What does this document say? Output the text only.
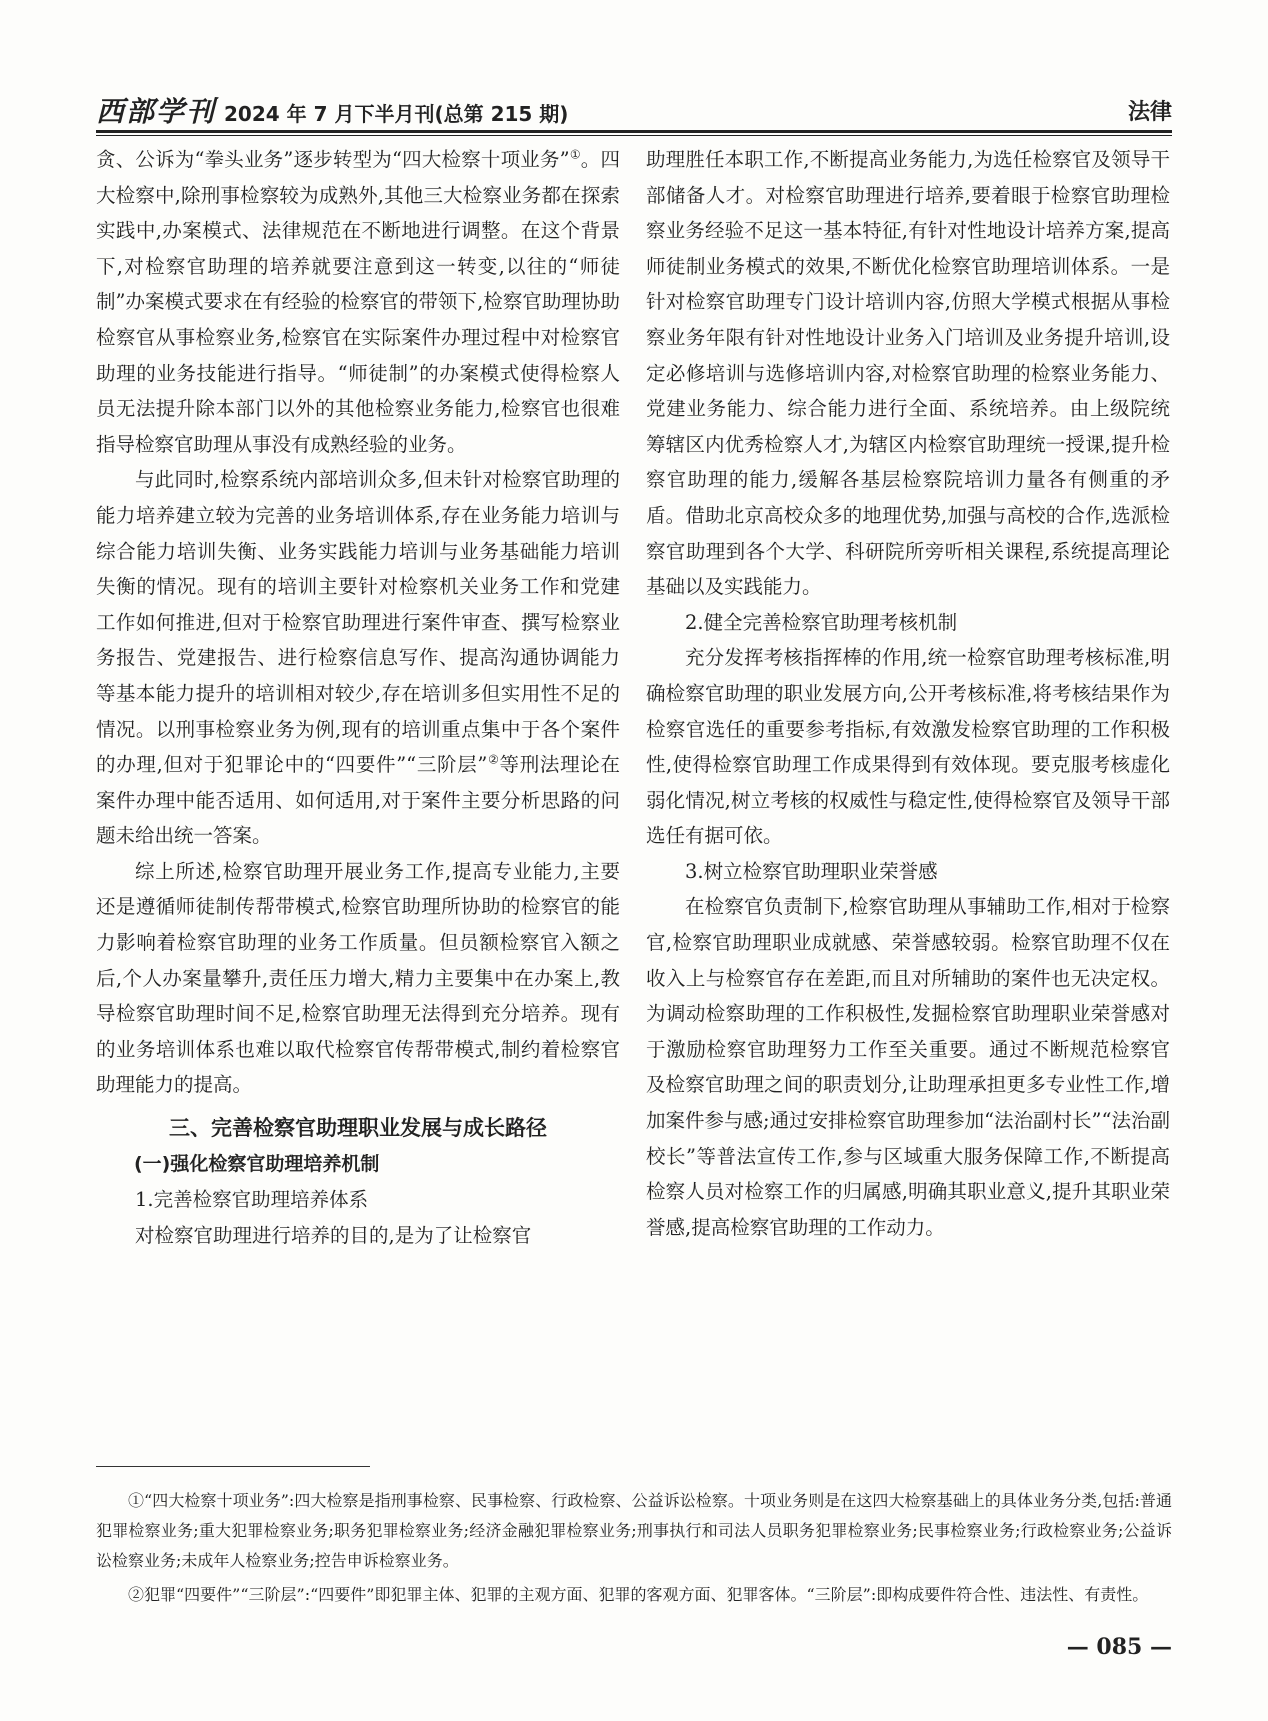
西部学刊 2024 年 7 月下半月刊(总第 215 期)	法律

贪、公诉为“拳头业务”逐步转型为“四大检察十项业务”①。四大检察中,除刑事检察较为成熟外,其他三大检察业务都在探索实践中,办案模式、法律规范在不断地进行调整。在这个背景下,对检察官助理的培养就要注意到这一转变,以往的“师徒制”办案模式要求在有经验的检察官的带领下,检察官助理协助检察官从事检察业务,检察官在实际案件办理过程中对检察官助理的业务技能进行指导。“师徒制”的办案模式使得检察人员无法提升除本部门以外的其他检察业务能力,检察官也很难指导检察官助理从事没有成熟经验的业务。

与此同时,检察系统内部培训众多,但未针对检察官助理的能力培养建立较为完善的业务培训体系,存在业务能力培训与综合能力培训失衡、业务实践能力培训与业务基础能力培训失衡的情况。现有的培训主要针对检察机关业务工作和党建工作如何推进,但对于检察官助理进行案件审查、撰写检察业务报告、党建报告、进行检察信息写作、提高沟通协调能力等基本能力提升的培训相对较少,存在培训多但实用性不足的情况。以刑事检察业务为例,现有的培训重点集中于各个案件的办理,但对于犯罪论中的“四要件”“三阶层”②等刑法理论在案件办理中能否适用、如何适用,对于案件主要分析思路的问题未给出统一答案。

综上所述,检察官助理开展业务工作,提高专业能力,主要还是遵循师徒制传帮带模式,检察官助理所协助的检察官的能力影响着检察官助理的业务工作质量。但员额检察官入额之后,个人办案量攀升,责任压力增大,精力主要集中在办案上,教导检察官助理时间不足,检察官助理无法得到充分培养。现有的业务培训体系也难以取代检察官传帮带模式,制约着检察官助理能力的提高。

三、完善检察官助理职业发展与成长路径
(一)强化检察官助理培养机制
1.完善检察官助理培养体系

对检察官助理进行培养的目的,是为了让检察官

助理胜任本职工作,不断提高业务能力,为选任检察官及领导干部储备人才。对检察官助理进行培养,要着眼于检察官助理检察业务经验不足这一基本特征,有针对性地设计培养方案,提高师徒制业务模式的效果,不断优化检察官助理培训体系。一是针对检察官助理专门设计培训内容,仿照大学模式根据从事检察业务年限有针对性地设计业务入门培训及业务提升培训,设定必修培训与选修培训内容,对检察官助理的检察业务能力、党建业务能力、综合能力进行全面、系统培养。由上级院统筹辖区内优秀检察人才,为辖区内检察官助理统一授课,提升检察官助理的能力,缓解各基层检察院培训力量各有侧重的矛盾。借助北京高校众多的地理优势,加强与高校的合作,选派检察官助理到各个大学、科研院所旁听相关课程,系统提高理论基础以及实践能力。

2.健全完善检察官助理考核机制

充分发挥考核指挥棒的作用,统一检察官助理考核标准,明确检察官助理的职业发展方向,公开考核标准,将考核结果作为检察官选任的重要参考指标,有效激发检察官助理的工作积极性,使得检察官助理工作成果得到有效体现。要克服考核虚化弱化情况,树立考核的权威性与稳定性,使得检察官及领导干部选任有据可依。

3.树立检察官助理职业荣誉感

在检察官负责制下,检察官助理从事辅助工作,相对于检察官,检察官助理职业成就感、荣誉感较弱。检察官助理不仅在收入上与检察官存在差距,而且对所辅助的案件也无决定权。为调动检察助理的工作积极性,发掘检察官助理职业荣誉感对于激励检察官助理努力工作至关重要。通过不断规范检察官及检察官助理之间的职责划分,让助理承担更多专业性工作,增加案件参与感;通过安排检察官助理参加“法治副村长”“法治副校长”等普法宣传工作,参与区域重大服务保障工作,不断提高检察人员对检察工作的归属感,明确其职业意义,提升其职业荣誉感,提高检察官助理的工作动力。

①“四大检察十项业务”:四大检察是指刑事检察、民事检察、行政检察、公益诉讼检察。十项业务则是在这四大检察基础上的具体业务分类,包括:普通犯罪检察业务;重大犯罪检察业务;职务犯罪检察业务;经济金融犯罪检察业务;刑事执行和司法人员职务犯罪检察业务;民事检察业务;行政检察业务;公益诉讼检察业务;未成年人检察业务;控告申诉检察业务。

②犯罪“四要件”“三阶层”:“四要件”即犯罪主体、犯罪的主观方面、犯罪的客观方面、犯罪客体。“三阶层”:即构成要件符合性、违法性、有责性。

— 085 —
